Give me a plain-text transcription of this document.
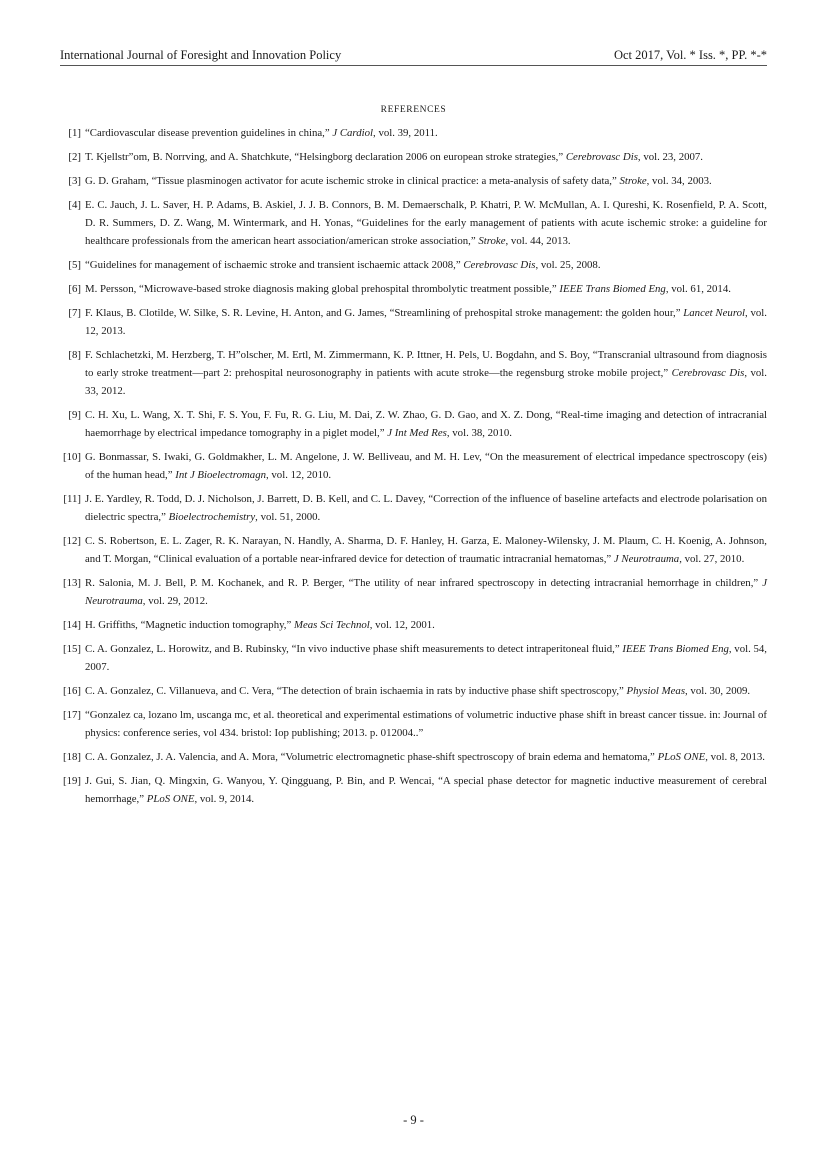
International Journal of Foresight and Innovation Policy	Oct 2017, Vol. * Iss. *, PP. *-*
REFERENCES
[1] “Cardiovascular disease prevention guidelines in china,” J Cardiol, vol. 39, 2011.
[2] T. Kjellstr”om, B. Norrving, and A. Shatchkute, “Helsingborg declaration 2006 on european stroke strategies,” Cerebrovasc Dis, vol. 23, 2007.
[3] G. D. Graham, “Tissue plasminogen activator for acute ischemic stroke in clinical practice: a meta-analysis of safety data,” Stroke, vol. 34, 2003.
[4] E. C. Jauch, J. L. Saver, H. P. Adams, B. Askiel, J. J. B. Connors, B. M. Demaerschalk, P. Khatri, P. W. McMullan, A. I. Qureshi, K. Rosenfield, P. A. Scott, D. R. Summers, D. Z. Wang, M. Wintermark, and H. Yonas, “Guidelines for the early management of patients with acute ischemic stroke: a guideline for healthcare professionals from the american heart association/american stroke association,” Stroke, vol. 44, 2013.
[5] “Guidelines for management of ischaemic stroke and transient ischaemic attack 2008,” Cerebrovasc Dis, vol. 25, 2008.
[6] M. Persson, “Microwave-based stroke diagnosis making global prehospital thrombolytic treatment possible,” IEEE Trans Biomed Eng, vol. 61, 2014.
[7] F. Klaus, B. Clotilde, W. Silke, S. R. Levine, H. Anton, and G. James, “Streamlining of prehospital stroke management: the golden hour,” Lancet Neurol, vol. 12, 2013.
[8] F. Schlachetzki, M. Herzberg, T. H”olscher, M. Ertl, M. Zimmermann, K. P. Ittner, H. Pels, U. Bogdahn, and S. Boy, “Transcranial ultrasound from diagnosis to early stroke treatment—part 2: prehospital neurosonography in patients with acute stroke—the regensburg stroke mobile project,” Cerebrovasc Dis, vol. 33, 2012.
[9] C. H. Xu, L. Wang, X. T. Shi, F. S. You, F. Fu, R. G. Liu, M. Dai, Z. W. Zhao, G. D. Gao, and X. Z. Dong, “Real-time imaging and detection of intracranial haemorrhage by electrical impedance tomography in a piglet model,” J Int Med Res, vol. 38, 2010.
[10] G. Bonmassar, S. Iwaki, G. Goldmakher, L. M. Angelone, J. W. Belliveau, and M. H. Lev, “On the measurement of electrical impedance spectroscopy (eis) of the human head,” Int J Bioelectromagn, vol. 12, 2010.
[11] J. E. Yardley, R. Todd, D. J. Nicholson, J. Barrett, D. B. Kell, and C. L. Davey, “Correction of the influence of baseline artefacts and electrode polarisation on dielectric spectra,” Bioelectrochemistry, vol. 51, 2000.
[12] C. S. Robertson, E. L. Zager, R. K. Narayan, N. Handly, A. Sharma, D. F. Hanley, H. Garza, E. Maloney-Wilensky, J. M. Plaum, C. H. Koenig, A. Johnson, and T. Morgan, “Clinical evaluation of a portable near-infrared device for detection of traumatic intracranial hematomas,” J Neurotrauma, vol. 27, 2010.
[13] R. Salonia, M. J. Bell, P. M. Kochanek, and R. P. Berger, “The utility of near infrared spectroscopy in detecting intracranial hemorrhage in children,” J Neurotrauma, vol. 29, 2012.
[14] H. Griffiths, “Magnetic induction tomography,” Meas Sci Technol, vol. 12, 2001.
[15] C. A. Gonzalez, L. Horowitz, and B. Rubinsky, “In vivo inductive phase shift measurements to detect intraperitoneal fluid,” IEEE Trans Biomed Eng, vol. 54, 2007.
[16] C. A. Gonzalez, C. Villanueva, and C. Vera, “The detection of brain ischaemia in rats by inductive phase shift spectroscopy,” Physiol Meas, vol. 30, 2009.
[17] “Gonzalez ca, lozano lm, uscanga mc, et al. theoretical and experimental estimations of volumetric inductive phase shift in breast cancer tissue. in: Journal of physics: conference series, vol 434. bristol: Iop publishing; 2013. p. 012004..”
[18] C. A. Gonzalez, J. A. Valencia, and A. Mora, “Volumetric electromagnetic phase-shift spectroscopy of brain edema and hematoma,” PLoS ONE, vol. 8, 2013.
[19] J. Gui, S. Jian, Q. Mingxin, G. Wanyou, Y. Qingguang, P. Bin, and P. Wencai, “A special phase detector for magnetic inductive measurement of cerebral hemorrhage,” PLoS ONE, vol. 9, 2014.
- 9 -
